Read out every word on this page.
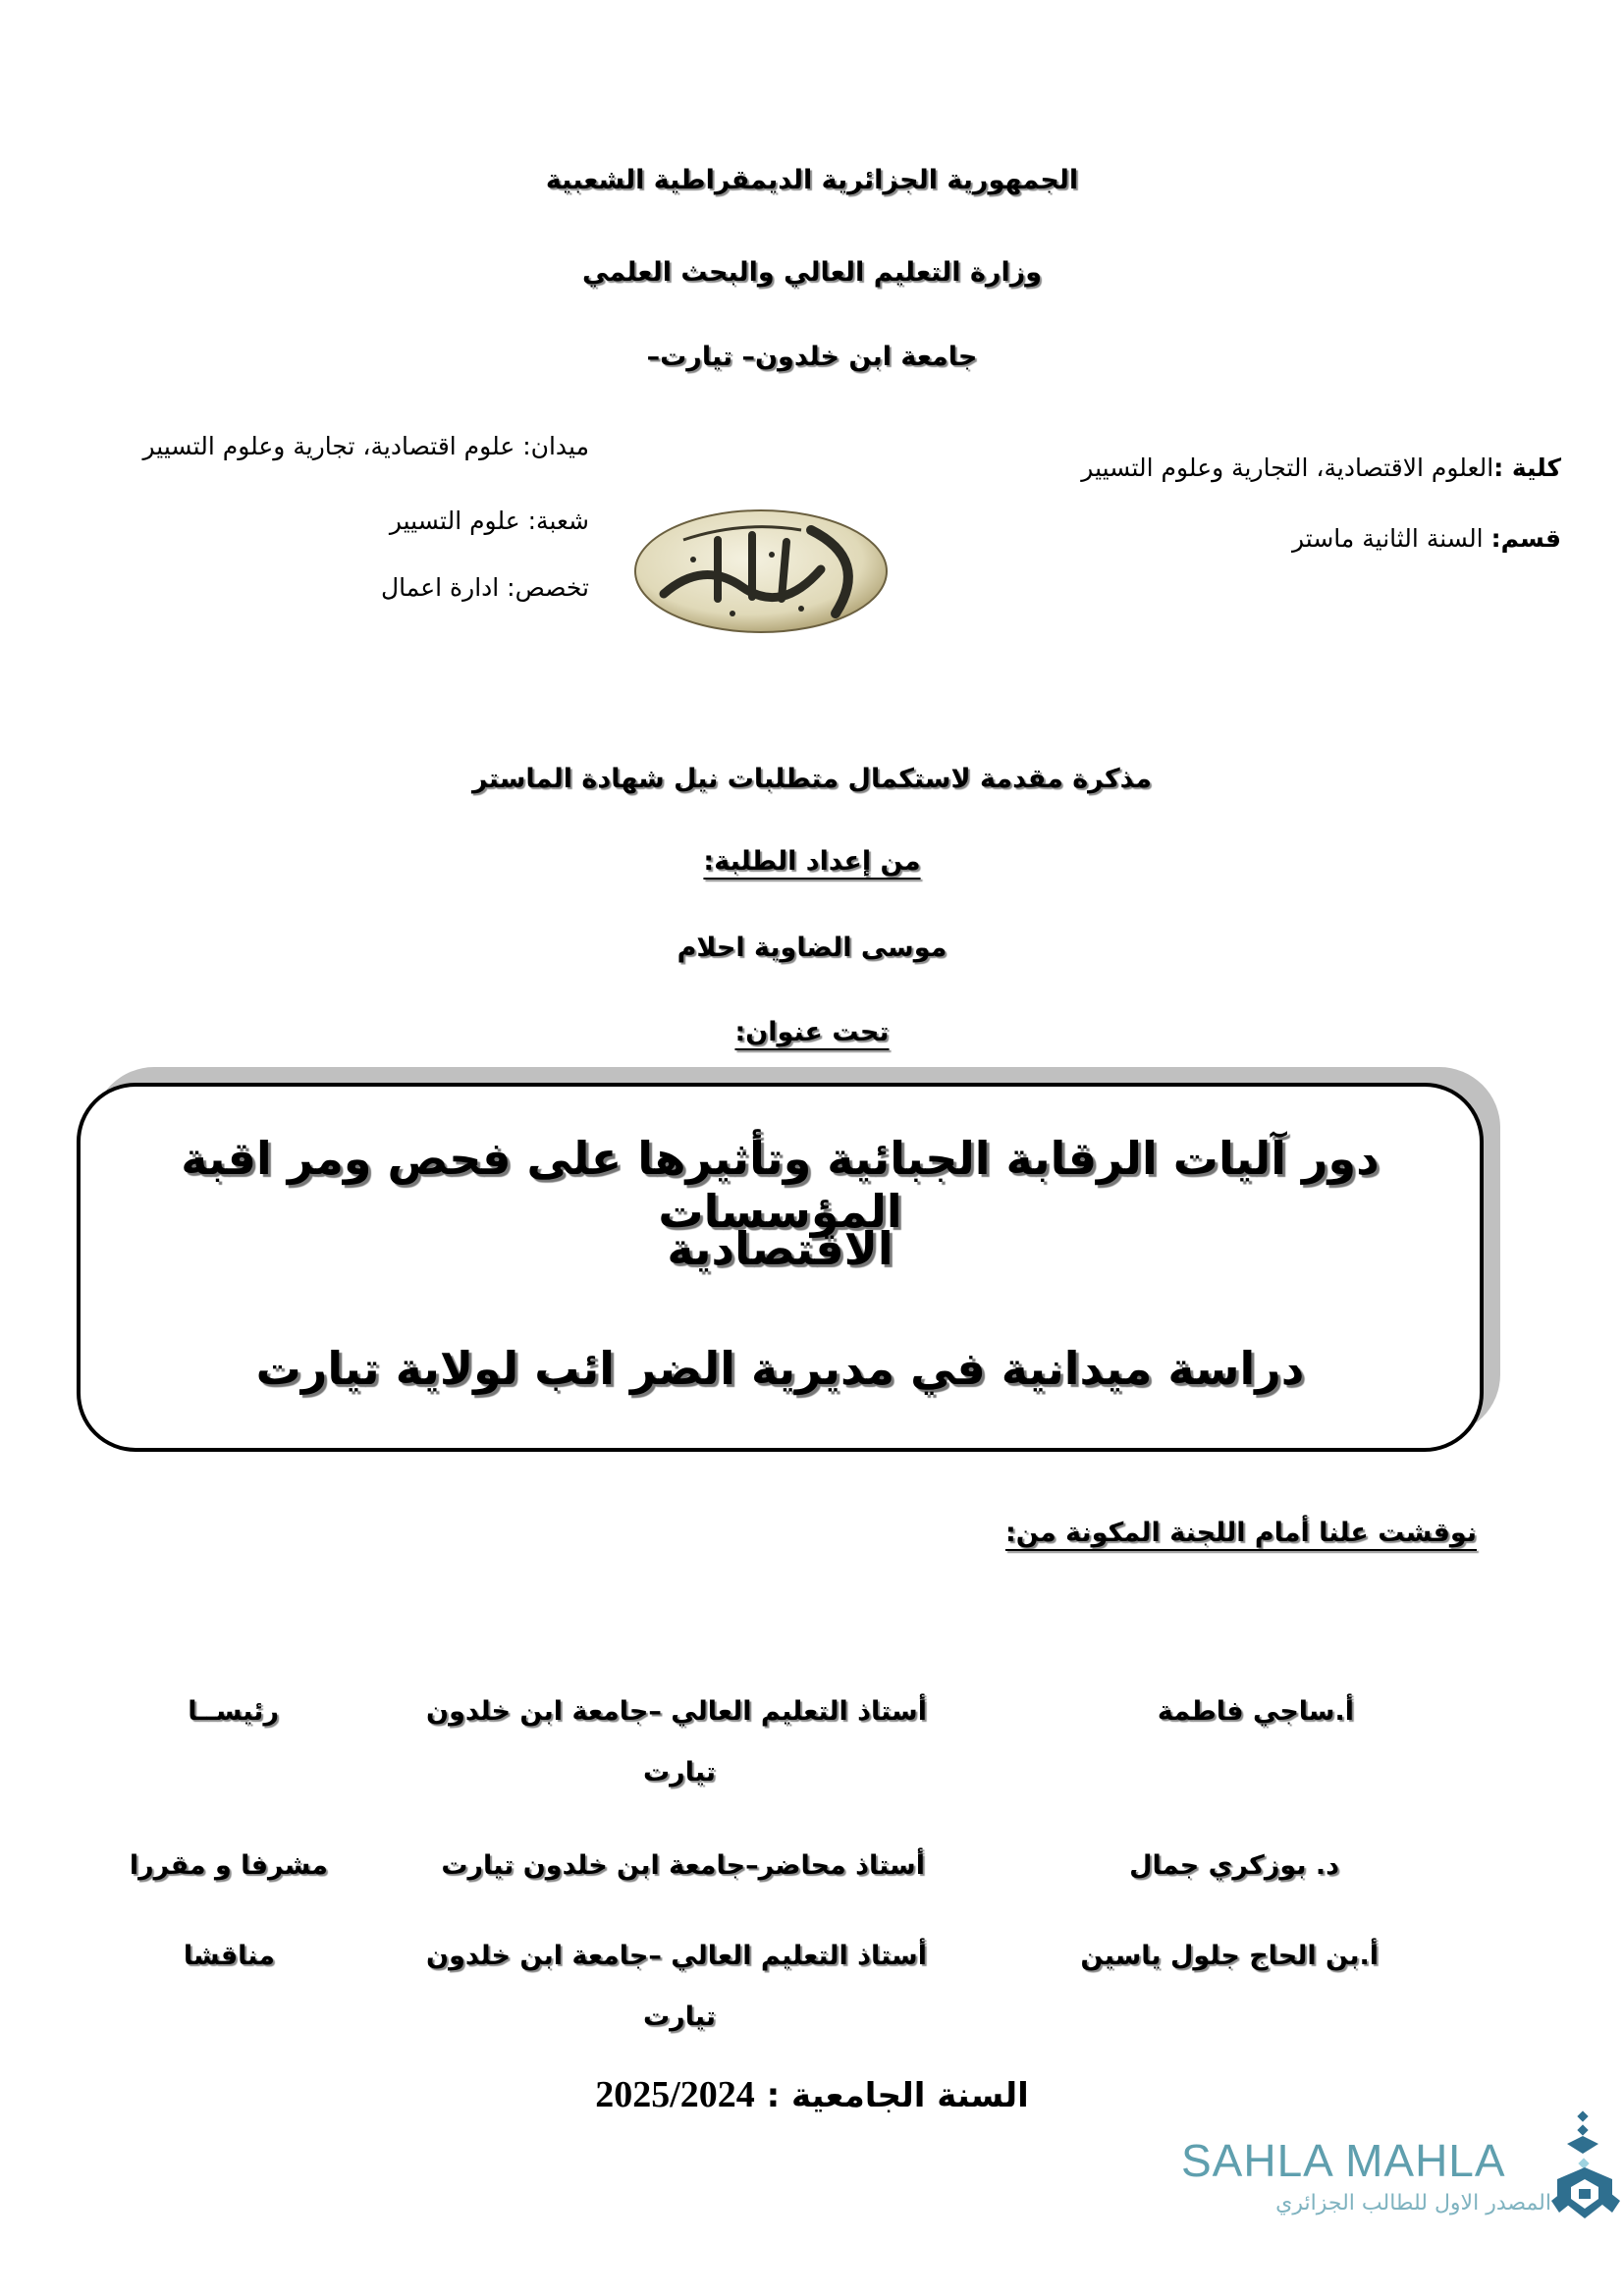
الجمهورية الجزائرية الديمقراطية الشعبية
وزارة التعليم العالي والبحث العلمي
جامعة ابن خلدون– تيارت–
ميدان: علوم اقتصادية، تجارية وعلوم التسيير
شعبة: علوم التسيير
تخصص: ادارة اعمال
كلية :العلوم الاقتصادية، التجارية وعلوم التسيير
قسم: السنة الثانية ماستر
مذكرة مقدمة لاستكمال متطلبات نيل شهادة الماستر
من إعداد الطلبة:
موسى الضاوية احلام
تحت عنوان:
دور آليات الرقابة الجبائية وتأثيرها على فحص ومر اقبة المؤسسات
الاقتصادية
دراسة ميدانية في مديرية الضر ائب لولاية تيارت
نوقشت علنا أمام اللجنة المكونة من:
أ.ساجي فاطمة
أستاذ التعليم العالي –جامعة ابن خلدون
تيارت
رئيســا
د. بوزكري جمال
أستاذ محاضر–جامعة ابن خلدون تيارت
مشرفا و مقررا
أ.بن الحاج جلول ياسين
أستاذ التعليم العالي –جامعة ابن خلدون
تيارت
مناقشا
السنة الجامعية : 2025/2024
SAHLA MAHLA
المصدر الاول للطالب الجزائري
